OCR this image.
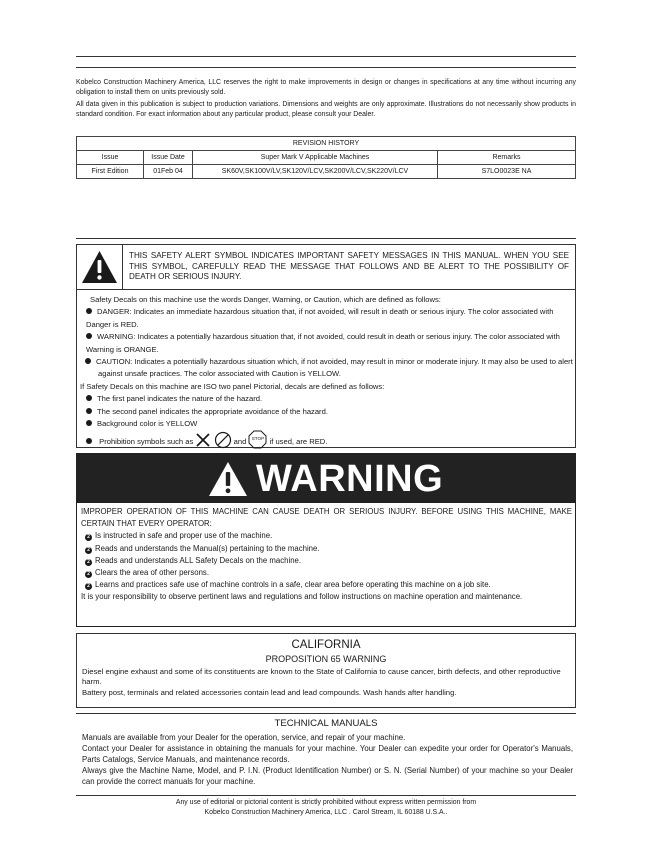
Kobelco Construction Machinery America, LLC reserves the right to make improvements in design or changes in specifications at any time without incurring any obligation to install them on units previously sold.

All data given in this publication is subject to production variations. Dimensions and weights are only approximate. Illustrations do not necessarily show products in standard condition. For exact information about any particular product, please consult your Dealer.

REVISION HISTORY			
Issue	Issue Date	Super Mark V Applicable Machines	Remarks
First Edition	01Feb 04	SK60V,SK100V/LV,SK120V/LCV,SK200V/LCV,SK220V/LCV	S7LO0023E NA

THIS SAFETY ALERT SYMBOL INDICATES IMPORTANT SAFETY MESSAGES IN THIS MANUAL. WHEN YOU SEE THIS SYMBOL, CAREFULLY READ THE MESSAGE THAT FOLLOWS AND BE ALERT TO THE POSSIBILITY OF DEATH OR SERIOUS INJURY.

Safety Decals on this machine use the words Danger, Warning, or Caution, which are defined as follows:

DANGER: Indicates an immediate hazardous situation that, if not avoided, will result in death or serious injury. The color associated with Danger is RED.

WARNING: Indicates a potentially hazardous situation that, if not avoided, could result in death or serious injury. The color associated with Warning is ORANGE.

CAUTION: Indicates a potentially hazardous situation which, if not avoided, may result in minor or moderate injury. It may also be used to alert against unsafe practices. The color associated with Caution is YELLOW.

If Safety Decals on this machine are ISO two panel Pictorial, decals are defined as follows:

The first panel indicates the nature of the hazard.

The second panel indicates the appropriate avoidance of the hazard.

Background color is YELLOW

Prohibition symbols such as	and	STOP if used, are RED.

WARNING

IMPROPER OPERATION OF THIS MACHINE CAN CAUSE DEATH OR SERIOUS INJURY. BEFORE USING THIS MACHINE, MAKE CERTAIN THAT EVERY OPERATOR:

2 Is instructed in safe and proper use of the machine.

2 Reads and understands the Manual(s) pertaining to the machine.

2 Reads and understands ALL Safety Decals on the machine.

2 Clears the area of other persons.

2 Learns and practices safe use of machine controls in a safe, clear area before operating this machine on a job site.

It is your responsibility to observe pertinent laws and regulations and follow instructions on machine operation and maintenance.

CALIFORNIA
PROPOSITION 65 WARNING

Diesel engine exhaust and some of its constituents are known to the State of California to cause cancer, birth defects, and other reproductive harm.

Battery post, terminals and related accessories contain lead and lead compounds. Wash hands after handling.

TECHNICAL MANUALS

Manuals are available from your Dealer for the operation, service, and repair of your machine.

Contact your Dealer for assistance in obtaining the manuals for your machine. Your Dealer can expedite your order for Operator's Manuals, Parts Catalogs, Service Manuals, and maintenance records.

Always give the Machine Name, Model, and P. I.N. (Product Identification Number) or S. N. (Serial Number) of your machine so your Dealer can provide the correct manuals for your machine.

Any use of editorial or pictorial content is strictly prohibited without express written permission from
Kobelco Construction Machinery America, LLC . Carol Stream, IL 60188 U.S.A..
